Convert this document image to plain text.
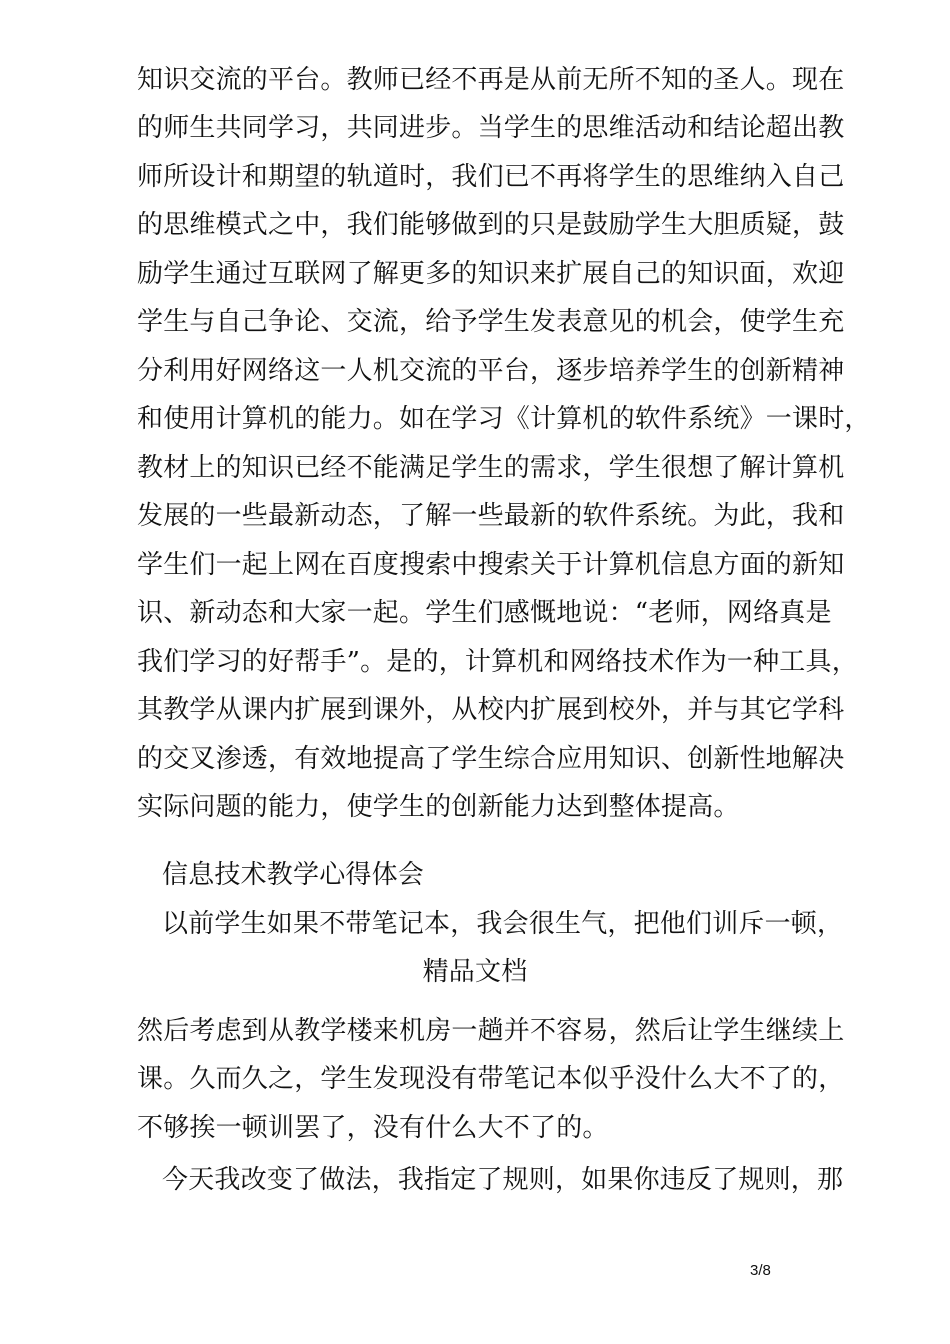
知识交流的平台。教师已经不再是从前无所不知的圣人。现在
的师生共同学习，共同进步。当学生的思维活动和结论超出教
师所设计和期望的轨道时，我们已不再将学生的思维纳入自己
的思维模式之中，我们能够做到的只是鼓励学生大胆质疑，鼓
励学生通过互联网了解更多的知识来扩展自己的知识面，欢迎
学生与自己争论、交流，给予学生发表意见的机会，使学生充
分利用好网络这一人机交流的平台，逐步培养学生的创新精神
和使用计算机的能力。如在学习《计算机的软件系统》一课时，
教材上的知识已经不能满足学生的需求，学生很想了解计算机
发展的一些最新动态，了解一些最新的软件系统。为此，我和
学生们一起上网在百度搜索中搜索关于计算机信息方面的新知
识、新动态和大家一起。学生们感慨地说：“老师，网络真是
我们学习的好帮手”。是的，计算机和网络技术作为一种工具，
其教学从课内扩展到课外，从校内扩展到校外，并与其它学科
的交叉渗透，有效地提高了学生综合应用知识、创新性地解决
实际问题的能力，使学生的创新能力达到整体提高。
信息技术教学心得体会
以前学生如果不带笔记本，我会很生气，把他们训斥一顿，
精品文档
然后考虑到从教学楼来机房一趟并不容易，然后让学生继续上
课。久而久之，学生发现没有带笔记本似乎没什么大不了的，
不够挨一顿训罢了，没有什么大不了的。
今天我改变了做法，我指定了规则，如果你违反了规则，那
3/8
